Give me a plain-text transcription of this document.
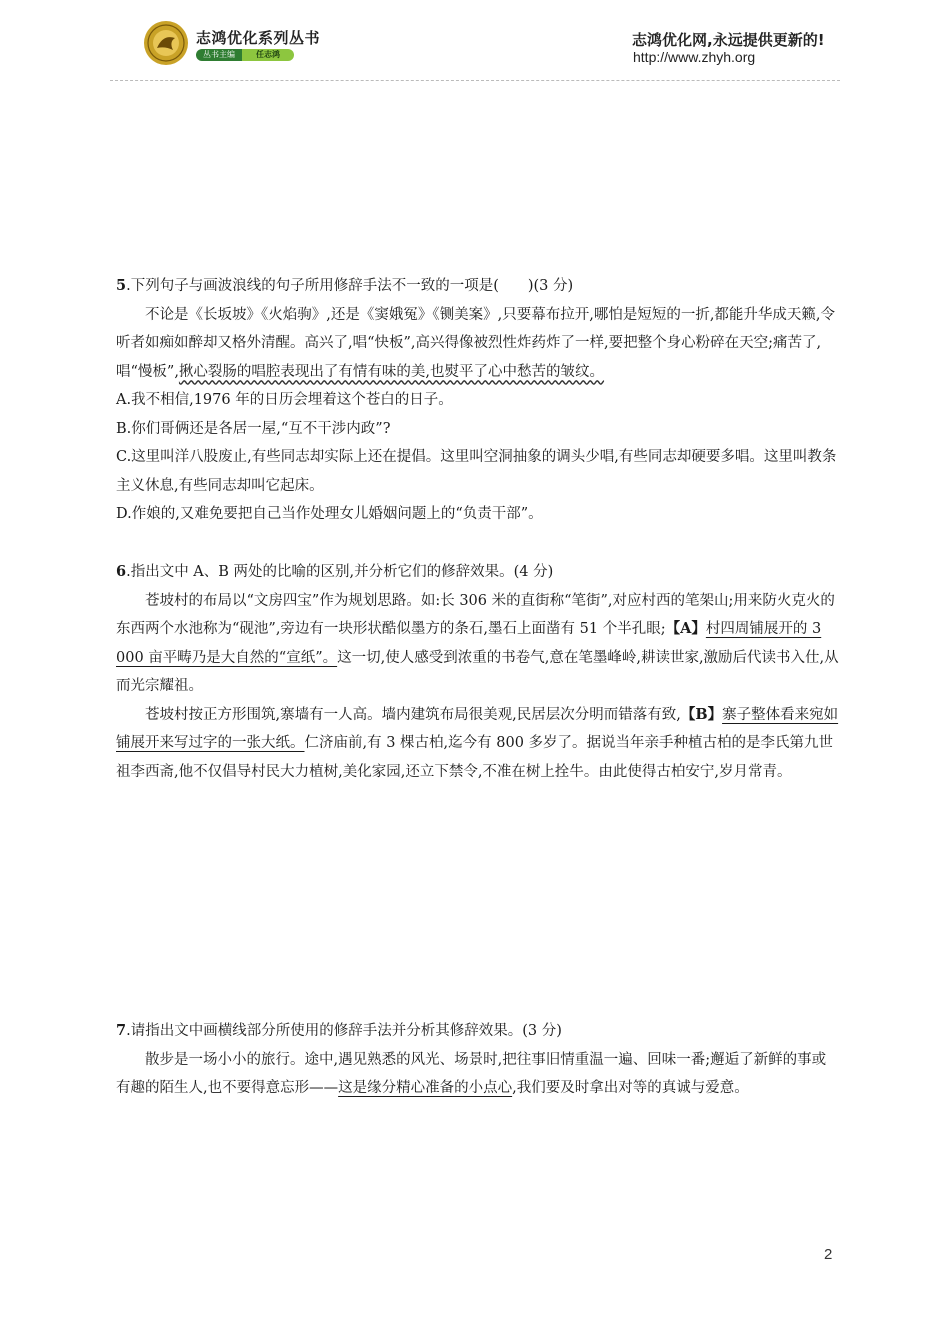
志鸿优化系列丛书
丛书主编	任志鸿
志鸿优化网,永远提供更新的!
http://www.zhyh.org

5.下列句子与画波浪线的句子所用修辞手法不一致的一项是(　　)(3 分)

不论是《长坂坡》《火焰驹》,还是《窦娥冤》《铡美案》,只要幕布拉开,哪怕是短短的一折,都能升华成天籁,令听者如痴如醉却又格外清醒。高兴了,唱“快板”,高兴得像被烈性炸药炸了一样,要把整个身心粉碎在天空;痛苦了,唱“慢板”,揪心裂肠的唱腔表现出了有情有味的美,也熨平了心中愁苦的皱纹。

A.我不相信,1976 年的日历会埋着这个苍白的日子。

B.你们哥俩还是各居一屋,“互不干涉内政”?

C.这里叫洋八股废止,有些同志却实际上还在提倡。这里叫空洞抽象的调头少唱,有些同志却硬要多唱。这里叫教条主义休息,有些同志却叫它起床。

D.作娘的,又难免要把自己当作处理女儿婚姻问题上的“负责干部”。

6.指出文中 A、B 两处的比喻的区别,并分析它们的修辞效果。(4 分)

苍坡村的布局以“文房四宝”作为规划思路。如:长 306 米的直街称“笔街”,对应村西的笔架山;用来防火克火的东西两个水池称为“砚池”,旁边有一块形状酷似墨方的条石,墨石上面凿有 51 个半孔眼;【A】村四周铺展开的 3 000 亩平畴乃是大自然的“宣纸”。这一切,使人感受到浓重的书卷气,意在笔墨峰岭,耕读世家,激励后代读书入仕,从而光宗耀祖。

苍坡村按正方形围筑,寨墙有一人高。墙内建筑布局很美观,民居层次分明而错落有致,【B】寨子整体看来宛如铺展开来写过字的一张大纸。仁济庙前,有 3 棵古柏,迄今有 800 多岁了。据说当年亲手种植古柏的是李氏第九世祖李西斋,他不仅倡导村民大力植树,美化家园,还立下禁令,不准在树上拴牛。由此使得古柏安宁,岁月常青。

7.请指出文中画横线部分所使用的修辞手法并分析其修辞效果。(3 分)

散步是一场小小的旅行。途中,遇见熟悉的风光、场景时,把往事旧情重温一遍、回味一番;邂逅了新鲜的事或有趣的陌生人,也不要得意忘形——这是缘分精心准备的小点心,我们要及时拿出对等的真诚与爱意。

2
